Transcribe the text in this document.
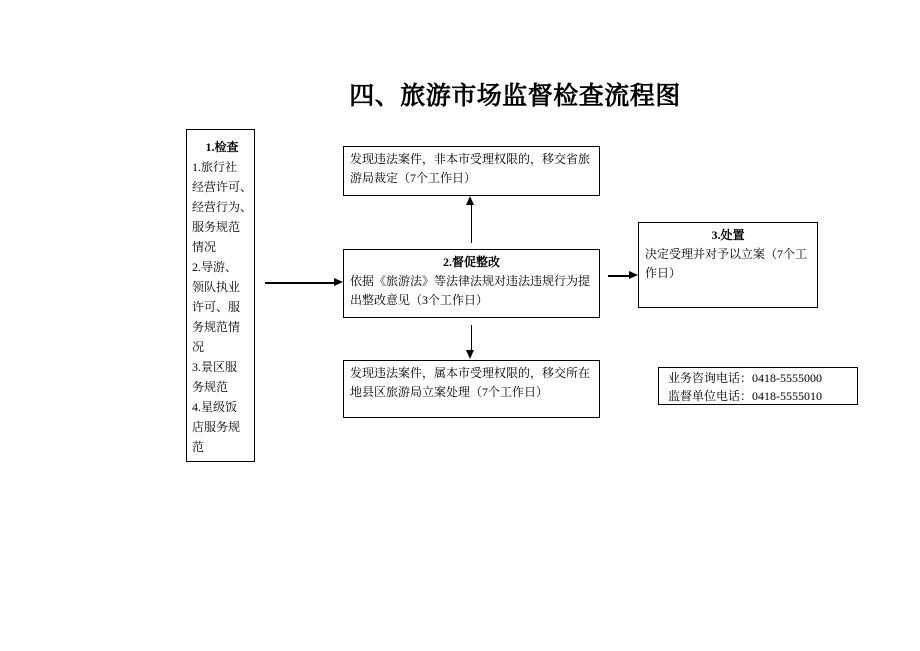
四、旅游市场监督检查流程图
1.检查
1.旅行社
经营许可、
经营行为、
服务规范
情况
2.导游、
领队执业
许可、服
务规范情
况
3.景区服
务规范
4.星级饭
店服务规
范
发现违法案件，非本市受理权限的，移交省旅
游局裁定（7个工作日）
2.督促整改
依据《旅游法》等法律法规对违法违规行为提
出整改意见（3个工作日）
3.处置
决定受理并对予以立案（7个工
作日）
发现违法案件，属本市受理权限的，移交所在
地县区旅游局立案处理（7个工作日）
业务咨询电话：0418-5555000
监督单位电话：0418-5555010
